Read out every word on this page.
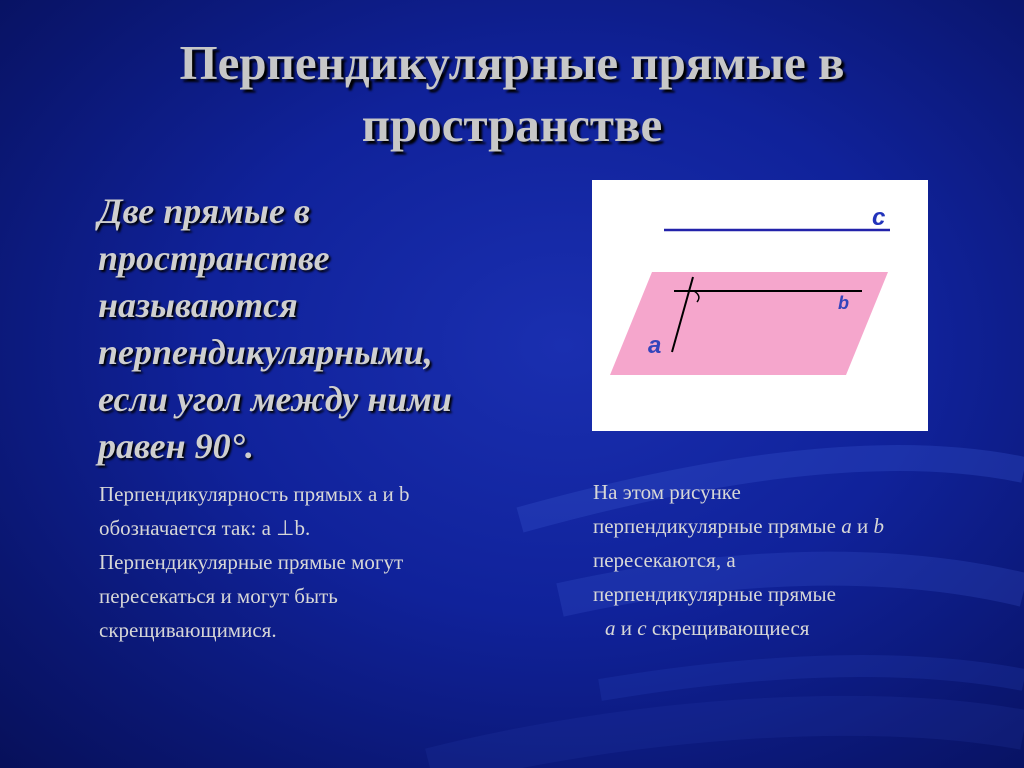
Перпендикулярные прямые в
пространстве

Две прямые в
пространстве
называются
перпендикулярными,
если угол между ними
равен 90°.

Перпендикулярность прямых а и b
обозначается так: а ⊥b.
Перпендикулярные прямые могут
пересекаться и могут быть
скрещивающимися.

c
b
a
На этом рисунке
перпендикулярные прямые a и b
пересекаются, а
перпендикулярные прямые
а и c скрещивающиеся
